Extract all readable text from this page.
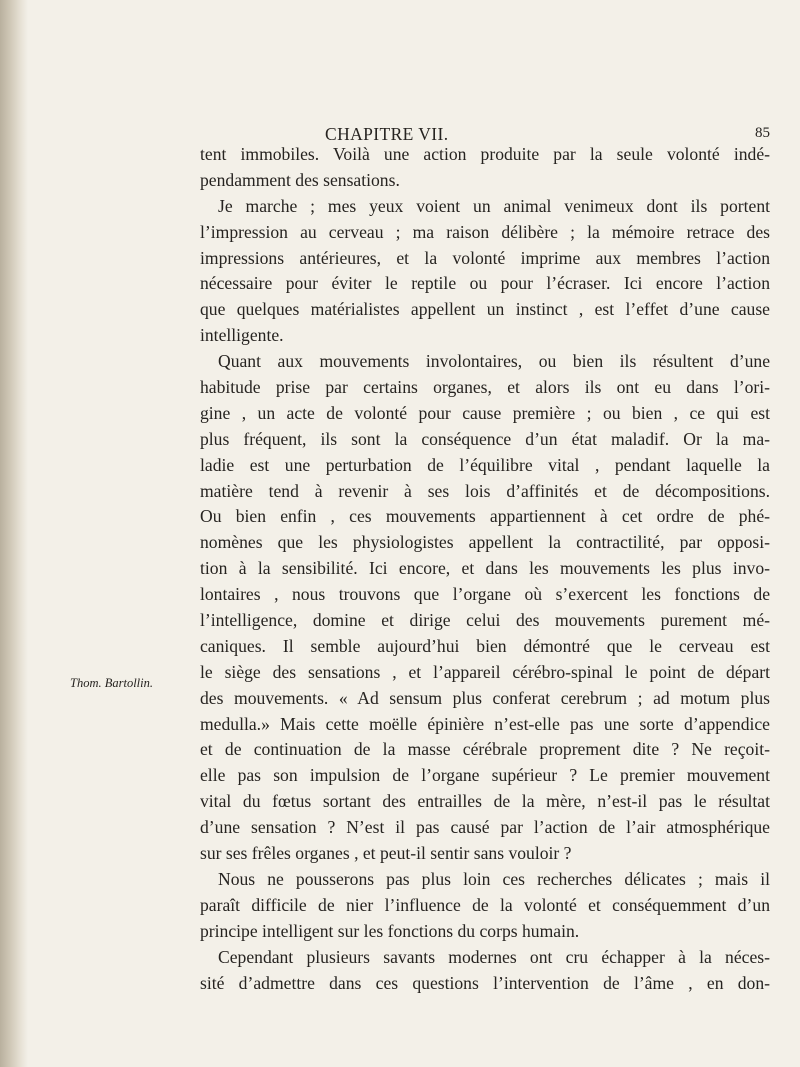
CHAPITRE VII.	85
Thom. Bartollin.
tent immobiles. Voilà une action produite par la seule volonté indé-
pendamment des sensations.
Je marche ; mes yeux voient un animal venimeux dont ils portent
l’impression au cerveau ; ma raison délibère ; la mémoire retrace des
impressions antérieures, et la volonté imprime aux membres l’action
nécessaire pour éviter le reptile ou pour l’écraser. Ici encore l’action
que quelques matérialistes appellent un instinct , est l’effet d’une cause
intelligente.
Quant aux mouvements involontaires, ou bien ils résultent d’une
habitude prise par certains organes, et alors ils ont eu dans l’ori-
gine , un acte de volonté pour cause première ; ou bien , ce qui est
plus fréquent, ils sont la conséquence d’un état maladif. Or la ma-
ladie est une perturbation de l’équilibre vital , pendant laquelle la
matière tend à revenir à ses lois d’affinités et de décompositions.
Ou bien enfin , ces mouvements appartiennent à cet ordre de phé-
nomènes que les physiologistes appellent la contractilité, par opposi-
tion à la sensibilité. Ici encore, et dans les mouvements les plus invo-
lontaires , nous trouvons que l’organe où s’exercent les fonctions de
l’intelligence, domine et dirige celui des mouvements purement mé-
caniques. Il semble aujourd’hui bien démontré que le cerveau est
le siège des sensations , et l’appareil cérébro-spinal le point de départ
des mouvements. « Ad sensum plus conferat cerebrum ; ad motum plus
medulla.» Mais cette moëlle épinière n’est-elle pas une sorte d’appendice
et de continuation de la masse cérébrale proprement dite ? Ne reçoit-
elle pas son impulsion de l’organe supérieur ? Le premier mouvement
vital du fœtus sortant des entrailles de la mère, n’est-il pas le résultat
d’une sensation ? N’est il pas causé par l’action de l’air atmosphérique
sur ses frêles organes , et peut-il sentir sans vouloir ?
Nous ne pousserons pas plus loin ces recherches délicates ; mais il
paraît difficile de nier l’influence de la volonté et conséquemment d’un
principe intelligent sur les fonctions du corps humain.
Cependant plusieurs savants modernes ont cru échapper à la néces-
sité d’admettre dans ces questions l’intervention de l’âme , en don-
